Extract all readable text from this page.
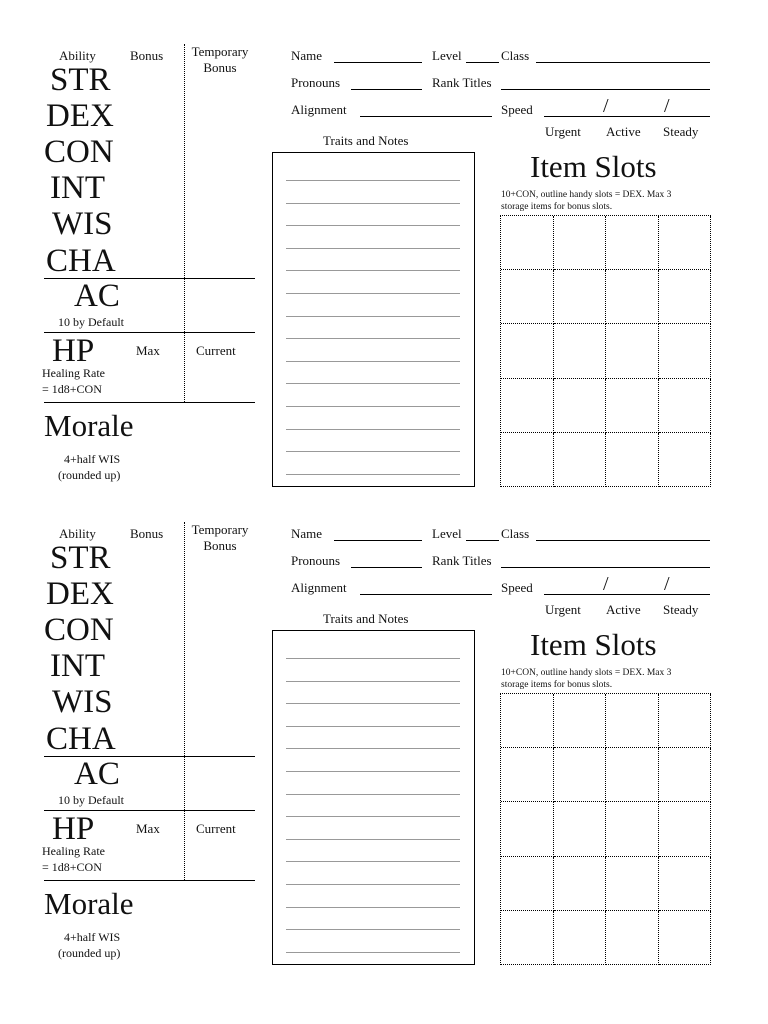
Ability	Bonus	Temporary
Bonus
STR
DEX
CON
INT
WIS
CHA
AC
10 by Default
HP	Max	Current
Healing Rate
= 1d8+CON
Morale
4+half WIS
(rounded up)
Name	Level	Class
Pronouns	Rank Titles
Alignment	Speed	/	/
Urgent Active Steady
Traits and Notes
Item Slots
10+CON, outline handy slots = DEX. Max 3
storage items for bonus slots.
Ability	Bonus	Temporary
Bonus
STR
DEX
CON
INT
WIS
CHA
AC
10 by Default
HP	Max	Current
Healing Rate
= 1d8+CON
Morale
4+half WIS
(rounded up)
Name	Level	Class
Pronouns	Rank Titles
Alignment	Speed	/	/
Urgent Active Steady
Traits and Notes
Item Slots
10+CON, outline handy slots = DEX. Max 3
storage items for bonus slots.
